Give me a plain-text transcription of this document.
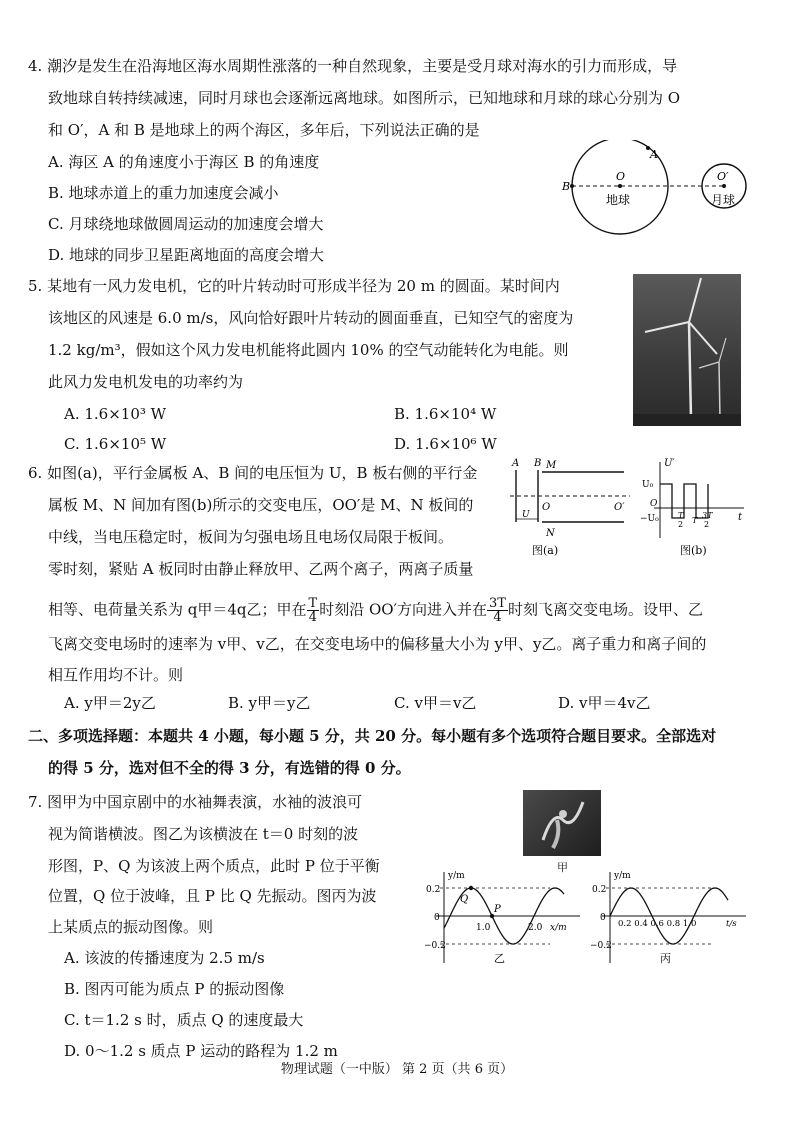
4. 潮汐是发生在沿海地区海水周期性涨落的一种自然现象，主要是受月球对海水的引力而形成，导
致地球自转持续减速，同时月球也会逐渐远离地球。如图所示，已知地球和月球的球心分别为 O
和 O′，A 和 B 是地球上的两个海区，多年后，下列说法正确的是
A. 海区 A 的角速度小于海区 B 的角速度
B. 地球赤道上的重力加速度会减小
C. 月球绕地球做圆周运动的加速度会增大
D. 地球的同步卫星距离地面的高度会增大
A
B
O	O′
地球	月球
5. 某地有一风力发电机，它的叶片转动时可形成半径为 20 m 的圆面。某时间内
该地区的风速是 6.0 m/s，风向恰好跟叶片转动的圆面垂直，已知空气的密度为
1.2 kg/m³，假如这个风力发电机能将此圆内 10% 的空气动能转化为电能。则
此风力发电机发电的功率约为
A. 1.6×10³ W	B. 1.6×10⁴ W
C. 1.6×10⁵ W	D. 1.6×10⁶ W
6. 如图(a)，平行金属板 A、B 间的电压恒为 U，B 板右侧的平行金
属板 M、N 间加有图(b)所示的交变电压，OO′是 M、N 板间的
中线，当电压稳定时，板间为匀强电场且电场仅局限于板间。
零时刻，紧贴 A 板同时由静止释放甲、乙两个离子，两离子质量
相等、电荷量关系为 q甲＝4q乙；甲在 $\frac{T}{4}$ 时刻沿 OO′方向进入并在 $\frac{3T}{4}$ 时刻飞离交变电场。设甲、乙
飞离交变电场时的速率为 v甲、v乙，在交变电场中的偏移量大小为 y甲、y乙。离子重力和离子间的
相互作用均不计。则
A. y甲＝2y乙	B. y甲＝y乙	C. v甲＝v乙	D. v甲＝4v乙
A B M
N
O	O′
U
图(a)
U′
U₀
−U₀
O
t
T
2 T
3T
2
图(b)
二、多项选择题：本题共 4 小题，每小题 5 分，共 20 分。每小题有多个选项符合题目要求。全部选对
的得 5 分，选对但不全的得 3 分，有选错的得 0 分。
7. 图甲为中国京剧中的水袖舞表演，水袖的波浪可
视为简谐横波。图乙为该横波在 t＝0 时刻的波
形图，P、Q 为该波上两个质点，此时 P 位于平衡
位置，Q 位于波峰，且 P 比 Q 先振动。图丙为波
上某质点的振动图像。则
A. 该波的传播速度为 2.5 m/s
B. 图丙可能为质点 P 的振动图像
C. t＝1.2 s 时，质点 Q 的速度最大
D. 0～1.2 s 质点 P 运动的路程为 1.2 m
甲
Q
P
y/m
0.2
0
−0.2
1.0	2.0 x/m
乙
y/m
0.2
0
−0.2
0.2 0.4 0.6 0.8 1.0	t/s
丙
物理试题（一中版） 第 2 页（共 6 页）
